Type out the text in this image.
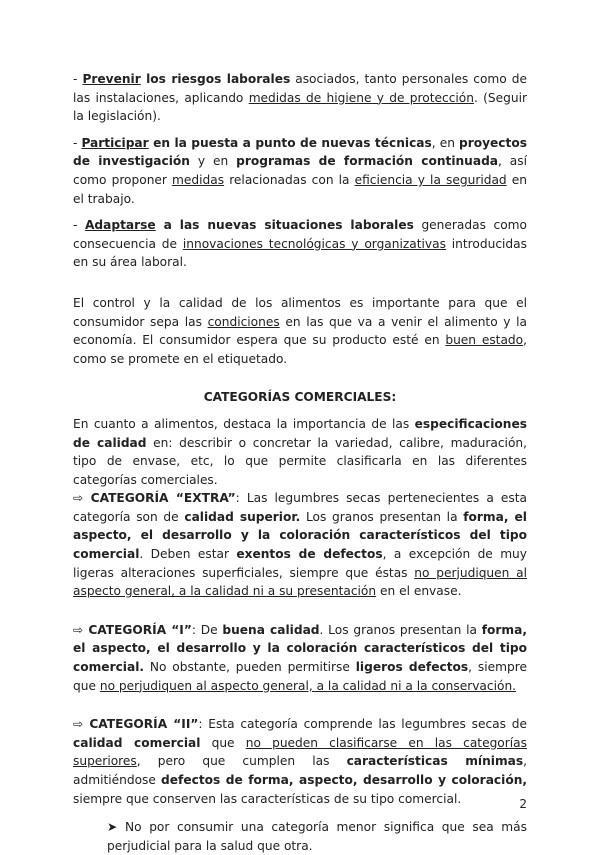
- Prevenir los riesgos laborales asociados, tanto personales como de las instalaciones, aplicando medidas de higiene y de protección. (Seguir la legislación).

- Participar en la puesta a punto de nuevas técnicas, en proyectos de investigación y en programas de formación continuada, así como proponer medidas relacionadas con la eficiencia y la seguridad en el trabajo.

- Adaptarse a las nuevas situaciones laborales generadas como consecuencia de innovaciones tecnológicas y organizativas introducidas en su área laboral.

El control y la calidad de los alimentos es importante para que el consumidor sepa las condiciones en las que va a venir el alimento y la economía. El consumidor espera que su producto esté en buen estado, como se promete en el etiquetado.

CATEGORÍAS COMERCIALES:

En cuanto a alimentos, destaca la importancia de las especificaciones de calidad en: describir o concretar la variedad, calibre, maduración, tipo de envase, etc, lo que permite clasificarla en las diferentes categorías comerciales.

⇨ CATEGORÍA “EXTRA”: Las legumbres secas pertenecientes a esta categoría son de calidad superior. Los granos presentan la forma, el aspecto, el desarrollo y la coloración característicos del tipo comercial. Deben estar exentos de defectos, a excepción de muy ligeras alteraciones superficiales, siempre que éstas no perjudiquen al aspecto general, a la calidad ni a su presentación en el envase.

⇨ CATEGORÍA “I”: De buena calidad. Los granos presentan la forma, el aspecto, el desarrollo y la coloración característicos del tipo comercial. No obstante, pueden permitirse ligeros defectos, siempre que no perjudiquen al aspecto general, a la calidad ni a la conservación.

⇨ CATEGORÍA “II”: Esta categoría comprende las legumbres secas de calidad comercial que no pueden clasificarse en las categorías superiores, pero que cumplen las características mínimas, admitiéndose defectos de forma, aspecto, desarrollo y coloración, siempre que conserven las características de su tipo comercial.

➤ No por consumir una categoría menor significa que sea más perjudicial para la salud que otra.

2
